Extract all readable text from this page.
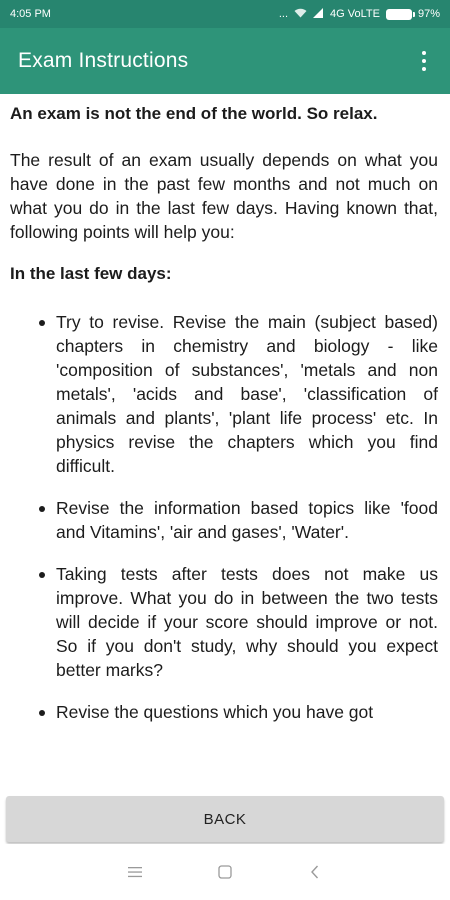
4:05 PM	...	4G VoLTE	97%
Exam Instructions

An exam is not the end of the world. So relax.

The result of an exam usually depends on what you have done in the past few months and not much on what you do in the last few days. Having known that, following points will help you:

In the last few days:

Try to revise. Revise the main (subject based) chapters in chemistry and biology - like 'composition of substances', 'metals and non metals', 'acids and base', 'classification of animals and plants', 'plant life process' etc. In physics revise the chapters which you find difficult.
Revise the information based topics like 'food and Vitamins', 'air and gases', 'Water'.
Taking tests after tests does not make us improve. What you do in between the two tests will decide if your score should improve or not. So if you don't study, why should you expect better marks?
Revise the questions which you have got
BACK
